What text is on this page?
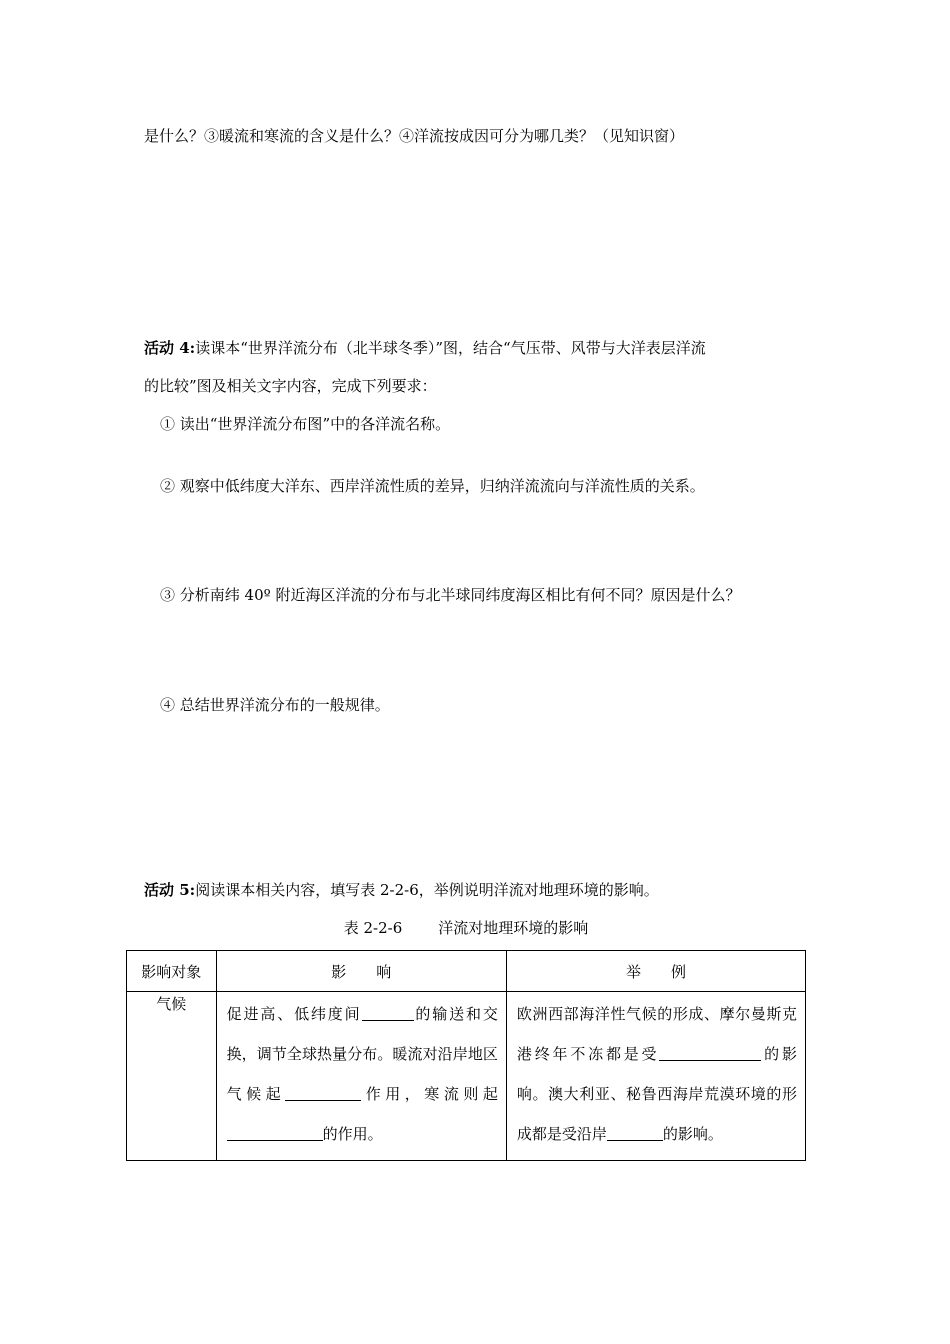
是什么？③暖流和寒流的含义是什么？④洋流按成因可分为哪几类？（见知识窗）
活动 4:读课本“世界洋流分布（北半球冬季）”图，结合“气压带、风带与大洋表层洋流
的比较”图及相关文字内容，完成下列要求：
① 读出“世界洋流分布图”中的各洋流名称。
② 观察中低纬度大洋东、西岸洋流性质的差异，归纳洋流流向与洋流性质的关系。
③ 分析南纬 40º 附近海区洋流的分布与北半球同纬度海区相比有何不同？原因是什么？
④ 总结世界洋流分布的一般规律。
活动 5:阅读课本相关内容，填写表 2-2-6，举例说明洋流对地理环境的影响。
表 2-2-6 洋流对地理环境的影响
影响对象	影　　响	举　　例
气候	促进高、低纬度间 的输送和交换，调节全球热量分布。暖流对沿岸地区气候起 作用，寒流则起的作用。	欧洲西部海洋性气候的形成、摩尔曼斯克港终年不冻都是受 的影响。澳大利亚、秘鲁西海岸荒漠环境的形成都是受沿岸 的影响。
